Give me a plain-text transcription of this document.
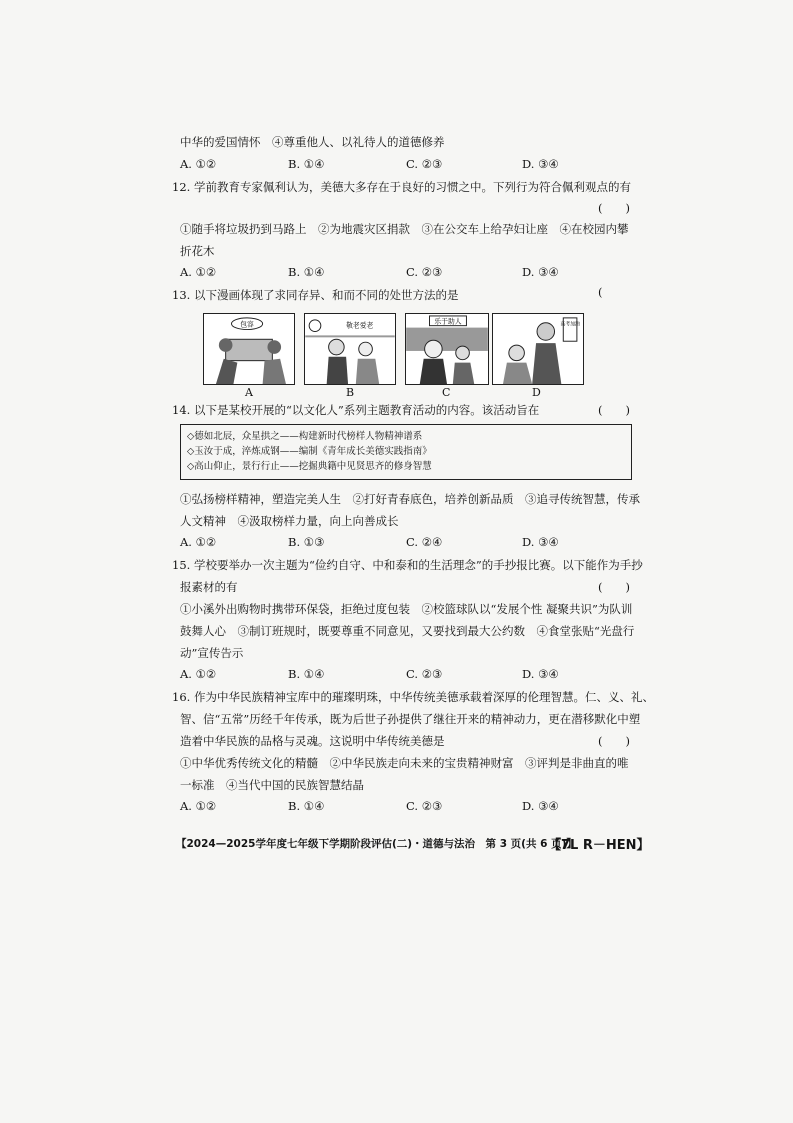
中华的爱国情怀　④尊重他人、以礼待人的道德修养
A. ①②	B. ①④	C. ②③	D. ③④
12. 学前教育专家佩利认为，美德大多存在于良好的习惯之中。下列行为符合佩利观点的有
(　　)
①随手将垃圾扔到马路上　②为地震灾区捐款　③在公交车上给孕妇让座　④在校园内攀
折花木
A. ①②	B. ①④	C. ②③	D. ③④
13. 以下漫画体现了求同存异、和而不同的处世方法的是	(
包容
A
敬老爱老
B
乐于助人
C
高考加油
D
14. 以下是某校开展的“以文化人”系列主题教育活动的内容。该活动旨在	(　　)
◇德如北辰，众星拱之——构建新时代榜样人物精神谱系
◇玉汝于成，淬炼成钢——编制《青年成长美德实践指南》
◇高山仰止，景行行止——挖掘典籍中见贤思齐的修身智慧
①弘扬榜样精神，塑造完美人生　②打好青春底色，培养创新品质　③追寻传统智慧，传承
人文精神　④汲取榜样力量，向上向善成长
A. ①②	B. ①③	C. ②④	D. ③④
15. 学校要举办一次主题为“俭约自守、中和泰和的生活理念”的手抄报比赛。以下能作为手抄
报素材的有	(　　)
①小溪外出购物时携带环保袋，拒绝过度包装　②校篮球队以“发展个性 凝聚共识”为队训
鼓舞人心　③制订班规时，既要尊重不同意见，又要找到最大公约数　④食堂张贴“光盘行
动”宣传告示
A. ①②	B. ①④	C. ②③	D. ③④
16. 作为中华民族精神宝库中的璀璨明珠，中华传统美德承载着深厚的伦理智慧。仁、义、礼、
智、信“五常”历经千年传承，既为后世子孙提供了继往开来的精神动力，更在潜移默化中塑
造着中华民族的品格与灵魂。这说明中华传统美德是	(　　)
①中华优秀传统文化的精髓　②中华民族走向未来的宝贵精神财富　③评判是非曲直的唯
一标准　④当代中国的民族智慧结晶
A. ①②	B. ①④	C. ②③	D. ③④
【2024—2025学年度七年级下学期阶段评估(二)・道德与法治　第 3 页(共 6 页)】
【7L R－HEN】
